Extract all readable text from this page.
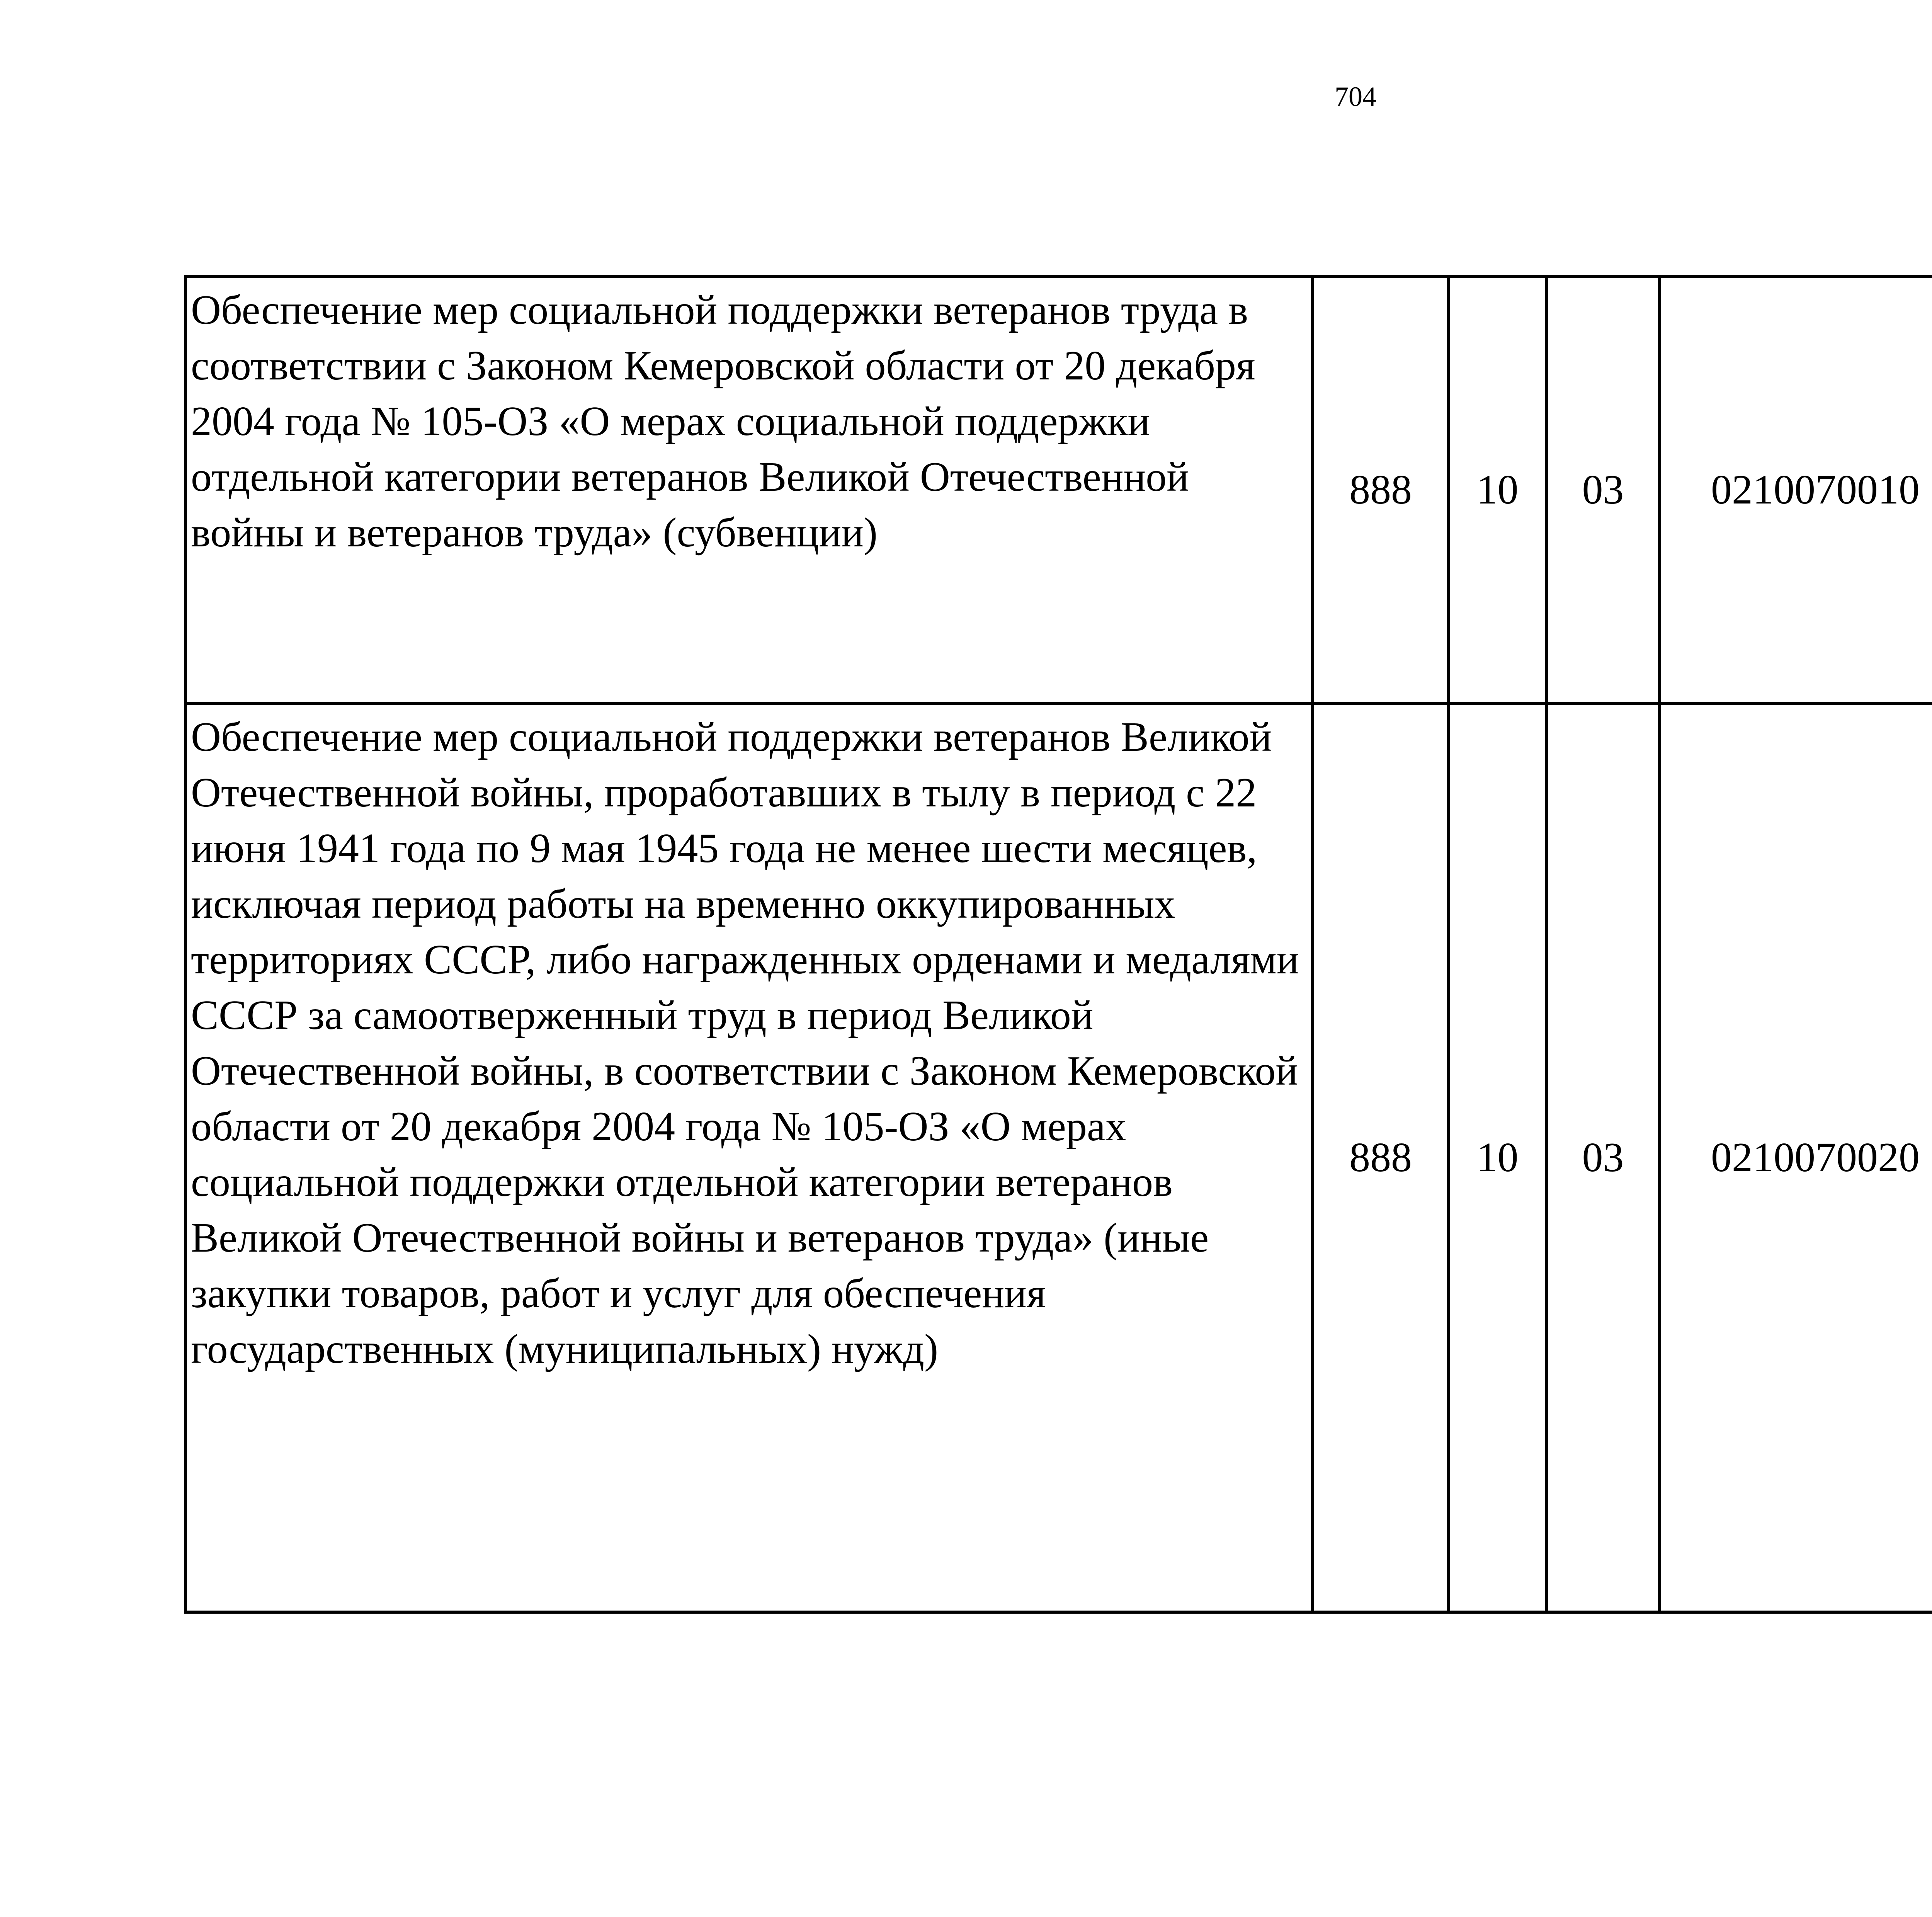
704
Обеспечение мер социальной поддержки ветеранов труда в соответствии с Законом Кемеровской области от 20 декабря 2004 года № 105-ОЗ «О мерах социальной поддержки отдельной категории ветеранов Великой Отечественной войны и ветеранов труда» (субвенции)	888	10	03	0210070010		
Обеспечение мер социальной поддержки ветеранов Великой Отечественной войны, проработавших в тылу в период с 22 июня 1941 года по 9 мая 1945 года не менее шести месяцев, исключая период работы на временно оккупированных территориях СССР, либо награжденных орденами и медалями СССР за самоотверженный труд в период Великой Отечественной войны, в соответствии с Законом Кемеровской области от 20 декабря 2004 года № 105-ОЗ «О мерах социальной поддержки отдельной категории ветеранов Великой Отечественной войны и ветеранов труда» (иные закупки товаров, работ и услуг для обеспечения государственных (муниципальных) нужд)	888	10	03	0210070020		
